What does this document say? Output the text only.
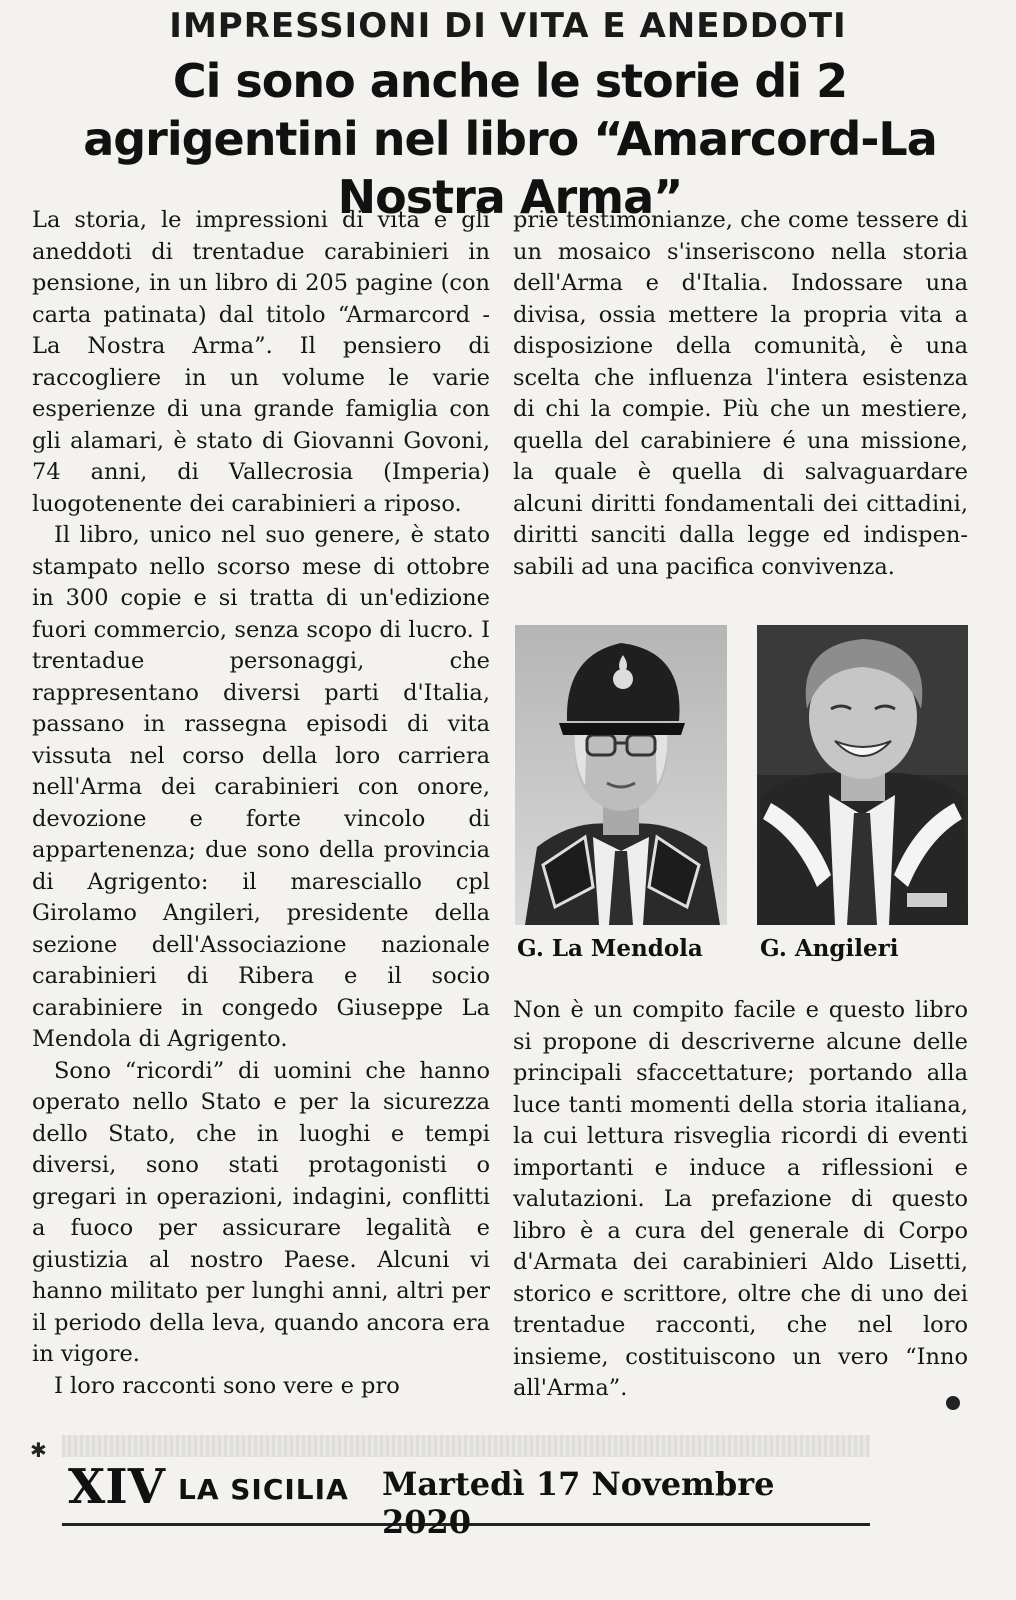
IMPRESSIONI DI VITA E ANEDDOTI
Ci sono anche le storie di 2 agrigentini nel libro “Amarcord-La Nostra Arma”

La storia, le impressioni di vita e gli aneddoti di trentadue carabinieri in pensione, in un libro di 205 pagine (con carta patinata) dal titolo “Armarcord - La Nostra Arma”. Il pensiero di raccogliere in un volume le varie esperienze di una grande famiglia con gli alamari, è stato di Giovanni Govoni, 74 anni, di Vallecrosia (Imperia) luogotenente dei carabinieri a riposo.

Il libro, unico nel suo genere, è stato stampato nello scorso mese di ottobre in 300 copie e si tratta di un'edizione fuori commercio, senza scopo di lucro. I trentadue personaggi, che rappresentano diversi parti d'Italia, passano in rassegna episodi di vita vissuta nel corso della loro carriera nell'Arma dei carabinieri con onore, devozione e forte vincolo di appartenenza; due sono della provincia di Agrigento: il maresciallo cpl Girolamo Angileri, presidente della sezione dell'Associazione nazionale carabinieri di Ribera e il socio carabiniere in congedo Giuseppe La Mendola di Agrigento.

Sono “ricordi” di uomini che hanno operato nello Stato e per la sicurezza dello Stato, che in luoghi e tempi diversi, sono stati protagonisti o gregari in operazioni, indagini, conflitti a fuoco per assicurare legalità e giustizia al nostro Paese. Alcuni vi hanno militato per lunghi anni, altri per il periodo della leva, quando ancora era in vigore.

I loro racconti sono vere e pro

prie testimonianze, che come tessere di un mosaico s'inseriscono nella storia dell'Arma e d'Italia. Indossare una divisa, ossia mettere la propria vita a disposizione della comunità, è una scelta che influenza l'intera esistenza di chi la compie. Più che un mestiere, quella del carabiniere é una missione, la quale è quella di salvaguardare alcuni diritti fondamentali dei cittadini, diritti sanciti dalla legge ed indispensabili ad una pacifica convivenza.

G. La Mendola G. Angileri

Non è un compito facile e questo libro si propone di descriverne alcune delle principali sfaccettature; portando alla luce tanti momenti della storia italiana, la cui lettura risveglia ricordi di eventi importanti e induce a riflessioni e valutazioni. La prefazione di questo libro è a cura del generale di Corpo d'Armata dei carabinieri Aldo Lisetti, storico e scrittore, oltre che di uno dei trentadue racconti, che nel loro insieme, costituiscono un vero “Inno all'Arma”.

✱
XIV LA SICILIA Martedì 17 Novembre 2020
